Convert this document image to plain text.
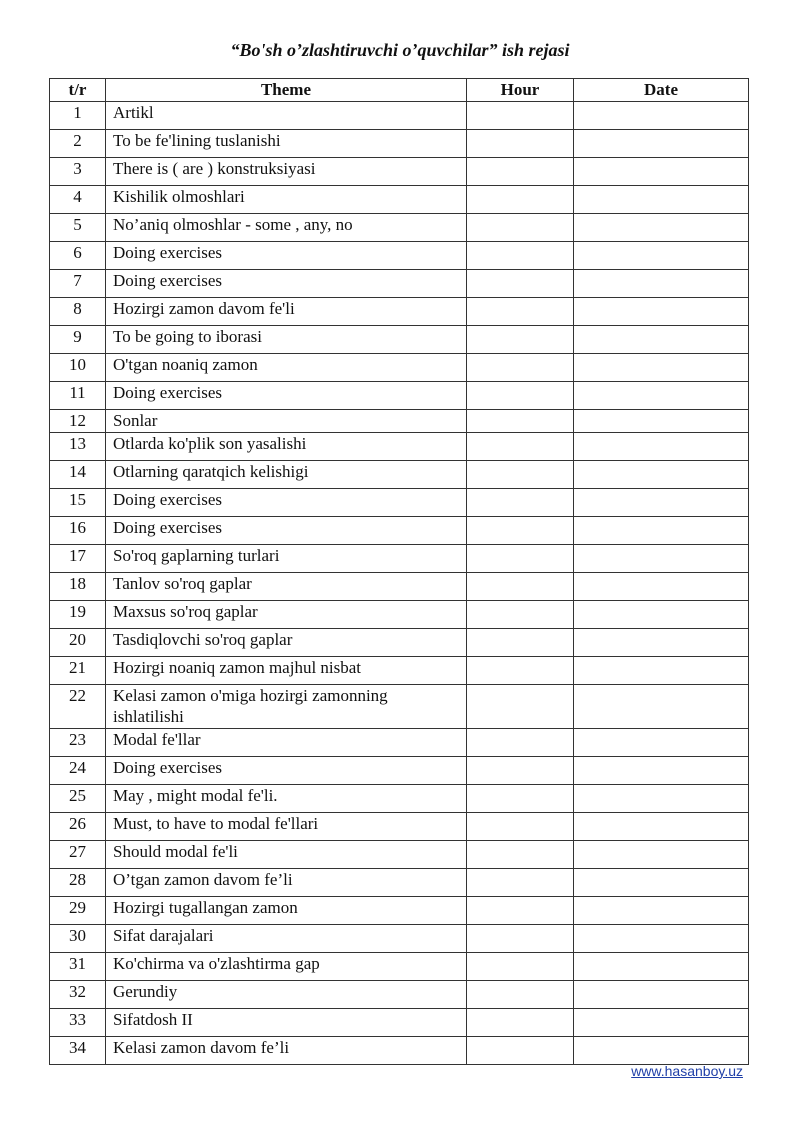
“Bo'sh o’zlashtiruvchi o’quvchilar” ish rejasi
t/r	Theme	Hour	Date
1	Artikl		
2	To be fe'lining tuslanishi		
3	There is ( are ) konstruksiyasi		
4	Kishilik olmoshlari		
5	No’aniq olmoshlar - some , any, no		
6	Doing exercises		
7	Doing exercises		
8	Hozirgi zamon davom fe'li		
9	To be going to iborasi		
10	O'tgan noaniq zamon		
11	Doing exercises		
12	Sonlar		
13	Otlarda ko'plik son yasalishi		
14	Otlarning qaratqich kelishigi		
15	Doing exercises		
16	Doing exercises		
17	So'roq gaplarning turlari		
18	Tanlov so'roq gaplar		
19	Maxsus so'roq gaplar		
20	Tasdiqlovchi so'roq gaplar		
21	Hozirgi noaniq zamon majhul nisbat		
22	Kelasi zamon o'miga hozirgi zamonning ishlatilishi		
23	Modal fe'llar		
24	Doing exercises		
25	May , might modal fe'li.		
26	Must, to have to modal fe'llari		
27	Should modal fe'li		
28	O’tgan zamon davom fe’li		
29	Hozirgi tugallangan zamon		
30	Sifat darajalari		
31	Ko'chirma va o'zlashtirma gap		
32	Gerundiy		
33	Sifatdosh II		
34	Kelasi zamon davom fe’li		
www.hasanboy.uz
